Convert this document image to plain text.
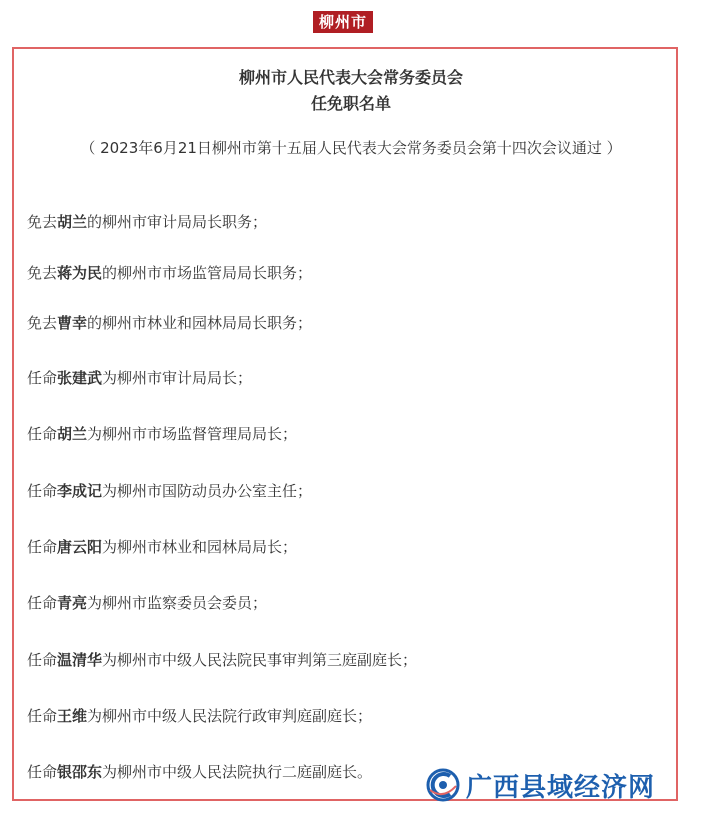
柳州市
柳州市人民代表大会常务委员会
任免职名单
（ 2023年6月21日柳州市第十五届人民代表大会常务委员会第十四次会议通过 ）
免去胡兰的柳州市审计局局长职务；
免去蒋为民的柳州市市场监管局局长职务；
免去曹幸的柳州市林业和园林局局长职务；
任命张建武为柳州市审计局局长；
任命胡兰为柳州市市场监督管理局局长；
任命李成记为柳州市国防动员办公室主任；
任命唐云阳为柳州市林业和园林局局长；
任命青亮为柳州市监察委员会委员；
任命温清华为柳州市中级人民法院民事审判第三庭副庭长；
任命王维为柳州市中级人民法院行政审判庭副庭长；
任命银邵东为柳州市中级人民法院执行二庭副庭长。
广西县域经济网
